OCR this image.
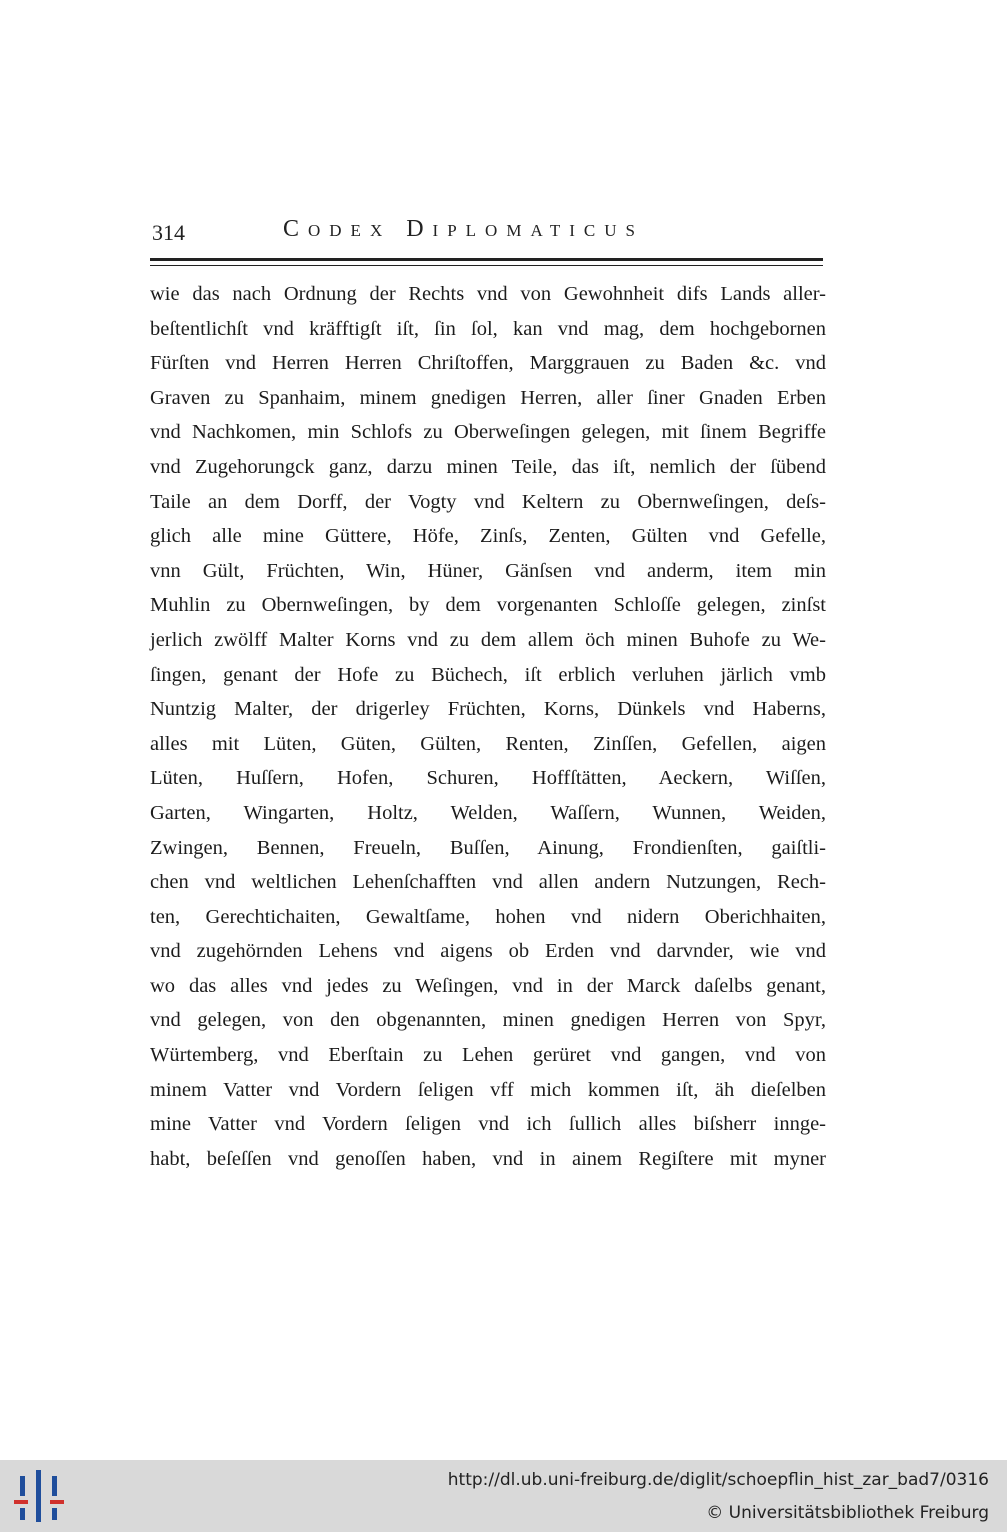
314	Codex Diplomaticus
wie das nach Ordnung der Rechts vnd von Gewohnheit difs Lands aller-
beſtentlichſt vnd kräfftigſt iſt, ſin ſol, kan vnd mag, dem hochgebornen
Fürſten vnd Herren Herren Chriſtoffen, Marggrauen zu Baden &c. vnd
Graven zu Spanhaim, minem gnedigen Herren, aller ſiner Gnaden Erben
vnd Nachkomen, min Schlofs zu Oberweſingen gelegen, mit ſinem Begriffe
vnd Zugehorungck ganz, darzu minen Teile, das iſt, nemlich der ſübend
Taile an dem Dorff, der Vogty vnd Keltern zu Obernweſingen, deſs-
glich alle mine Güttere, Höfe, Zinſs, Zenten, Gülten vnd Gefelle,
vnn Gült, Früchten, Win, Hüner, Gänſsen vnd anderm, item min
Muhlin zu Obernweſingen, by dem vorgenanten Schloſſe gelegen, zinſst
jerlich zwölff Malter Korns vnd zu dem allem öch minen Buhofe zu We-
ſingen, genant der Hofe zu Büchech, iſt erblich verluhen järlich vmb
Nuntzig Malter, der drigerley Früchten, Korns, Dünkels vnd Haberns,
alles mit Lüten, Güten, Gülten, Renten, Zinſſen, Gefellen, aigen
Lüten, Huſſern, Hofen, Schuren, Hoffſtätten, Aeckern, Wiſſen,
Garten, Wingarten, Holtz, Welden, Waſſern, Wunnen, Weiden,
Zwingen, Bennen, Freueln, Buſſen, Ainung, Frondienſten, gaiſtli-
chen vnd weltlichen Lehenſchafften vnd allen andern Nutzungen, Rech-
ten, Gerechtichaiten, Gewaltſame, hohen vnd nidern Oberichhaiten,
vnd zugehörnden Lehens vnd aigens ob Erden vnd darvnder, wie vnd
wo das alles vnd jedes zu Weſingen, vnd in der Marck daſelbs genant,
vnd gelegen, von den obgenannten, minen gnedigen Herren von Spyr,
Würtemberg, vnd Eberſtain zu Lehen gerüret vnd gangen, vnd von
minem Vatter vnd Vordern ſeligen vff mich kommen iſt, äh dieſelben
mine Vatter vnd Vordern ſeligen vnd ich ſullich alles biſsherr innge-
habt, beſeſſen vnd genoſſen haben, vnd in ainem Regiſtere mit myner
http://dl.ub.uni-freiburg.de/diglit/schoepflin_hist_zar_bad7/0316
© Universitätsbibliothek Freiburg
